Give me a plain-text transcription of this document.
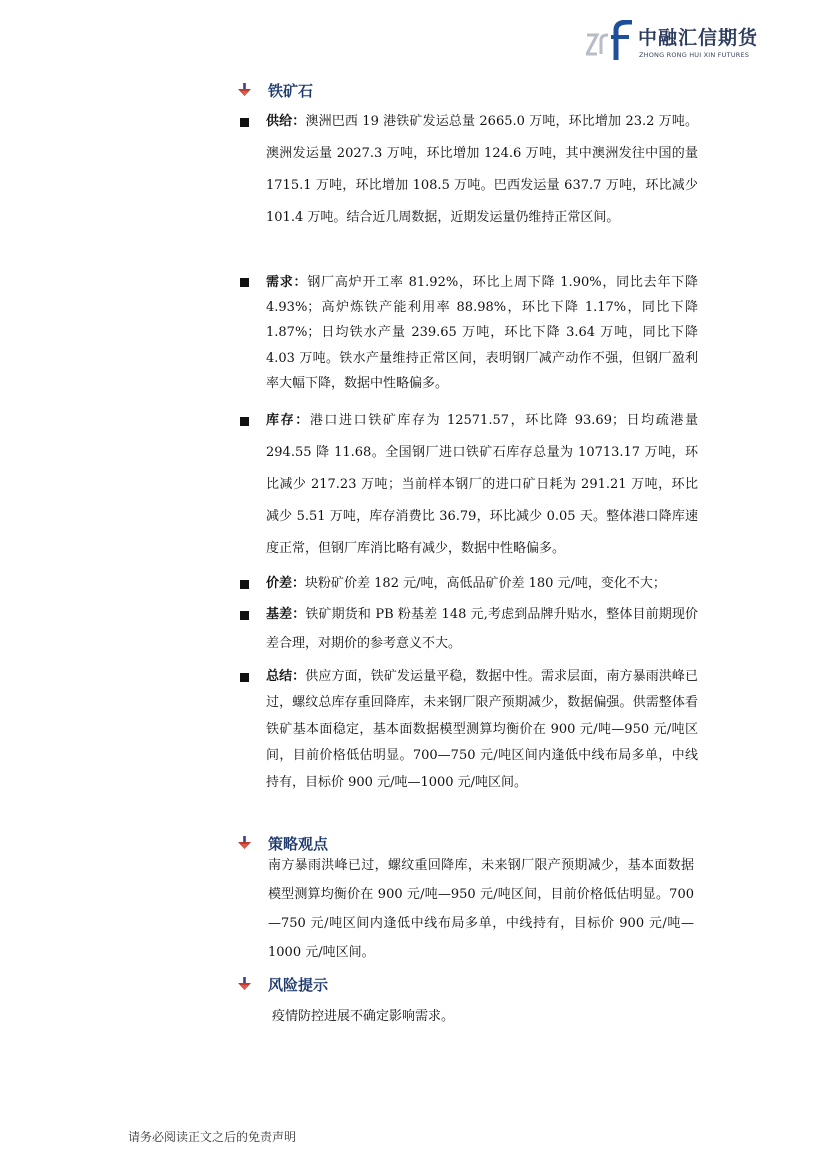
中融汇信期货
ZHONG RONG HUI XIN FUTURES
铁矿石

供给：澳洲巴西 19 港铁矿发运总量 2665.0 万吨，环比增加 23.2 万吨。澳洲发运量 2027.3 万吨，环比增加 124.6 万吨，其中澳洲发往中国的量 1715.1 万吨，环比增加 108.5 万吨。巴西发运量 637.7 万吨，环比减少 101.4 万吨。结合近几周数据，近期发运量仍维持正常区间。

需求：钢厂高炉开工率 81.92%，环比上周下降 1.90%，同比去年下降 4.93%；高炉炼铁产能利用率 88.98%，环比下降 1.17%，同比下降 1.87%；日均铁水产量 239.65 万吨，环比下降 3.64 万吨，同比下降 4.03 万吨。铁水产量维持正常区间，表明钢厂减产动作不强，但钢厂盈利率大幅下降，数据中性略偏多。

库存：港口进口铁矿库存为 12571.57，环比降 93.69；日均疏港量 294.55 降 11.68。全国钢厂进口铁矿石库存总量为 10713.17 万吨，环比减少 217.23 万吨；当前样本钢厂的进口矿日耗为 291.21 万吨，环比减少 5.51 万吨，库存消费比 36.79，环比减少 0.05 天。整体港口降库速度正常，但钢厂库消比略有减少，数据中性略偏多。

价差：块粉矿价差 182 元/吨，高低品矿价差 180 元/吨，变化不大；

基差：铁矿期货和 PB 粉基差 148 元,考虑到品牌升贴水，整体目前期现价差合理，对期价的参考意义不大。

总结：供应方面，铁矿发运量平稳，数据中性。需求层面，南方暴雨洪峰已过，螺纹总库存重回降库，未来钢厂限产预期减少，数据偏强。供需整体看铁矿基本面稳定，基本面数据模型测算均衡价在 900 元/吨—950 元/吨区间，目前价格低估明显。700—750 元/吨区间内逢低中线布局多单，中线持有，目标价 900 元/吨—1000 元/吨区间。

策略观点

南方暴雨洪峰已过，螺纹重回降库，未来钢厂限产预期减少，基本面数据模型测算均衡价在 900 元/吨—950 元/吨区间，目前价格低估明显。700—750 元/吨区间内逢低中线布局多单，中线持有，目标价 900 元/吨—1000 元/吨区间。

风险提示

疫情防控进展不确定影响需求。

请务必阅读正文之后的免责声明
